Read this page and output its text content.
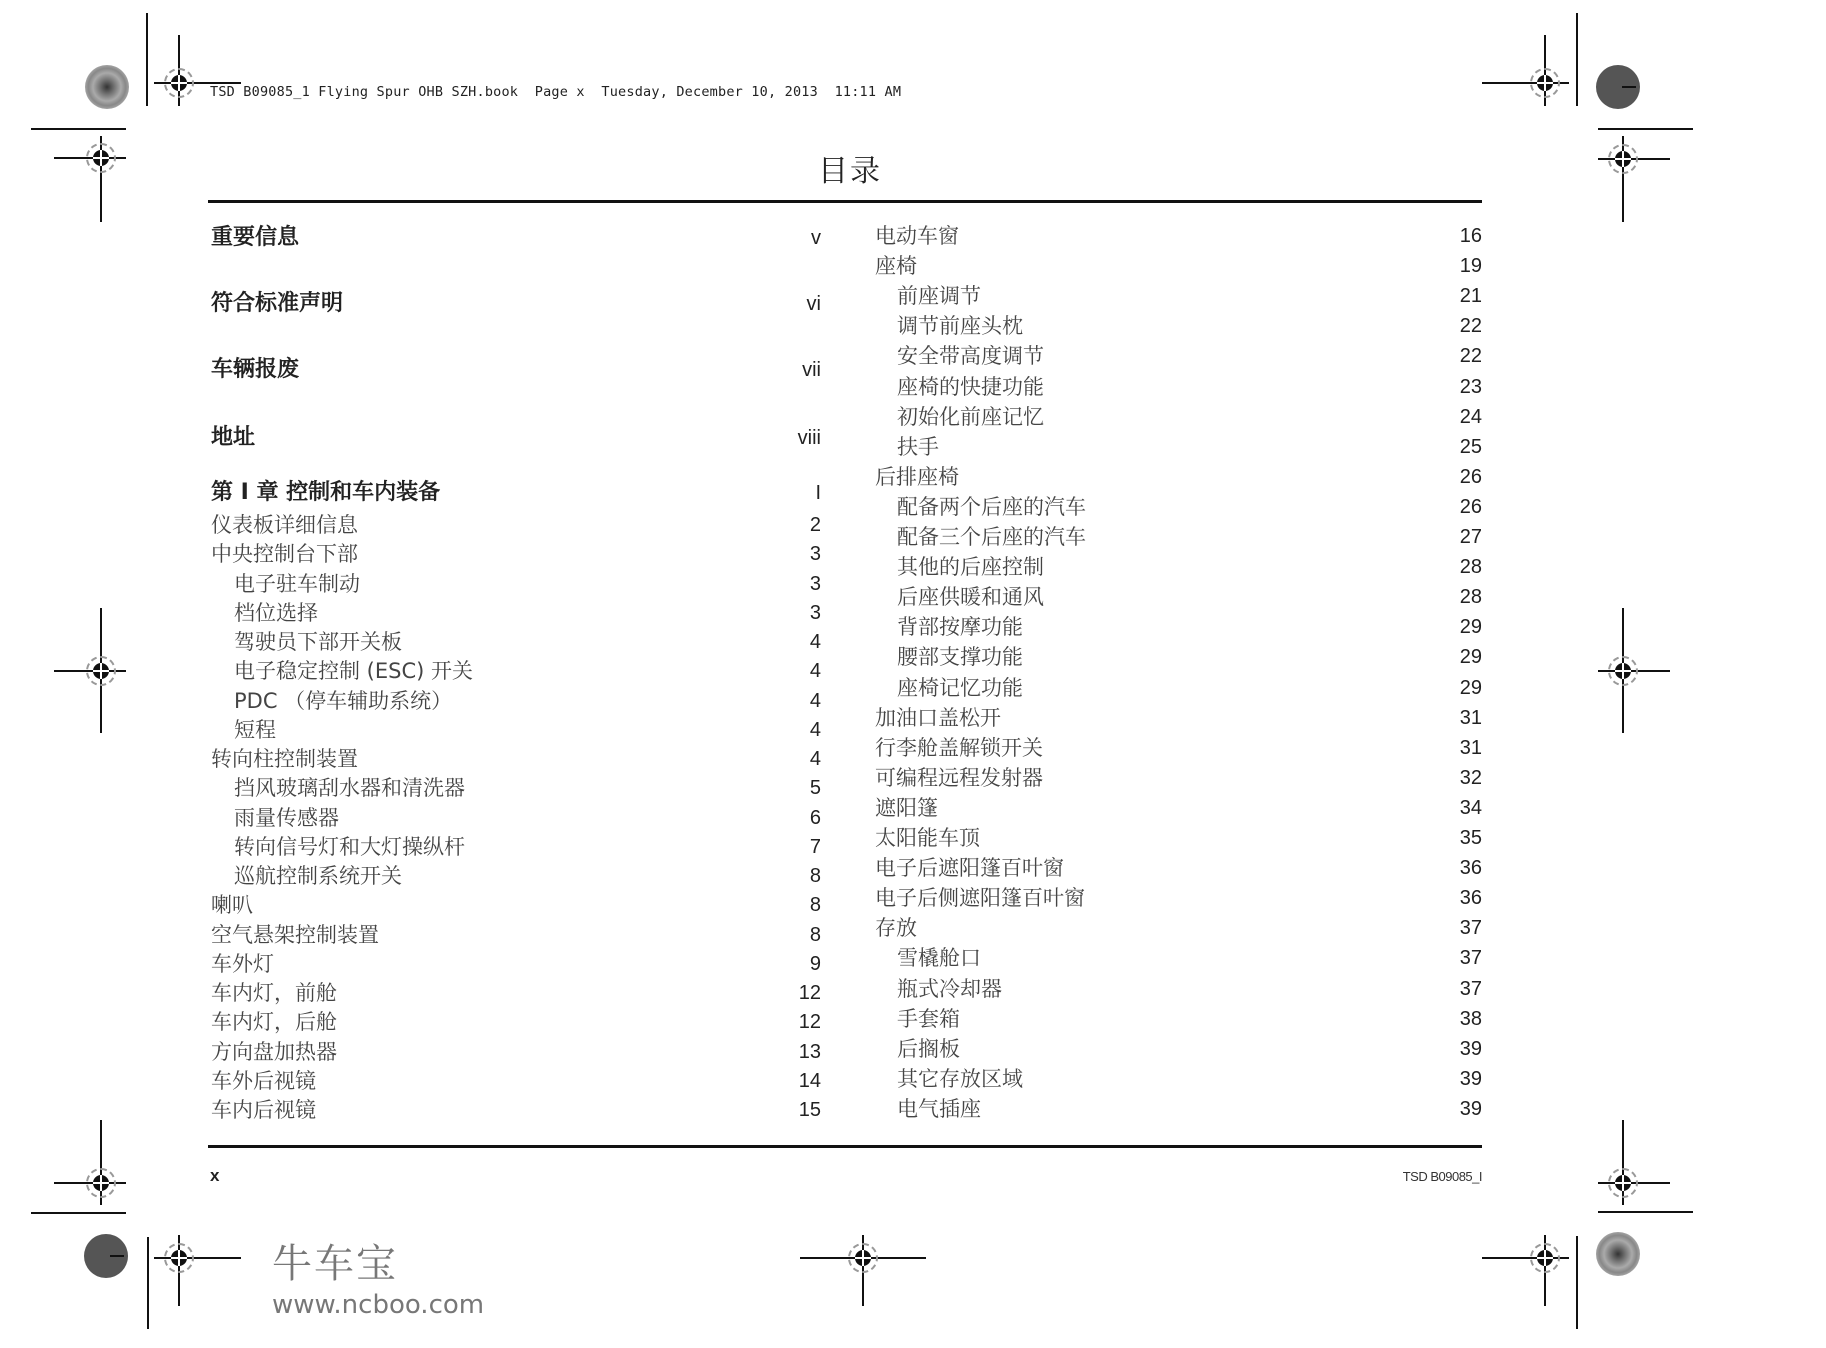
TSD B09085_1 Flying Spur OHB SZH.book  Page x  Tuesday, December 10, 2013  11:11 AM
目录
重要信息	v
符合标准声明	vi
车辆报废	vii
地址	viii
第 I 章 控制和车内装备	I
仪表板详细信息	2
中央控制台下部	3
电子驻车制动	3
档位选择	3
驾驶员下部开关板	4
电子稳定控制 (ESC) 开关	4
PDC （停车辅助系统）	4
短程	4
转向柱控制装置	4
挡风玻璃刮水器和清洗器	5
雨量传感器	6
转向信号灯和大灯操纵杆	7
巡航控制系统开关	8
喇叭	8
空气悬架控制装置	8
车外灯	9
车内灯，前舱	12
车内灯，后舱	12
方向盘加热器	13
车外后视镜	14
车内后视镜	15
电动车窗	16
座椅	19
前座调节	21
调节前座头枕	22
安全带高度调节	22
座椅的快捷功能	23
初始化前座记忆	24
扶手	25
后排座椅	26
配备两个后座的汽车	26
配备三个后座的汽车	27
其他的后座控制	28
后座供暖和通风	28
背部按摩功能	29
腰部支撑功能	29
座椅记忆功能	29
加油口盖松开	31
行李舱盖解锁开关	31
可编程远程发射器	32
遮阳篷	34
太阳能车顶	35
电子后遮阳篷百叶窗	36
电子后侧遮阳篷百叶窗	36
存放	37
雪橇舱口	37
瓶式冷却器	37
手套箱	38
后搁板	39
其它存放区域	39
电气插座	39
x	TSD B09085_I
牛车宝
www.ncboo.com
